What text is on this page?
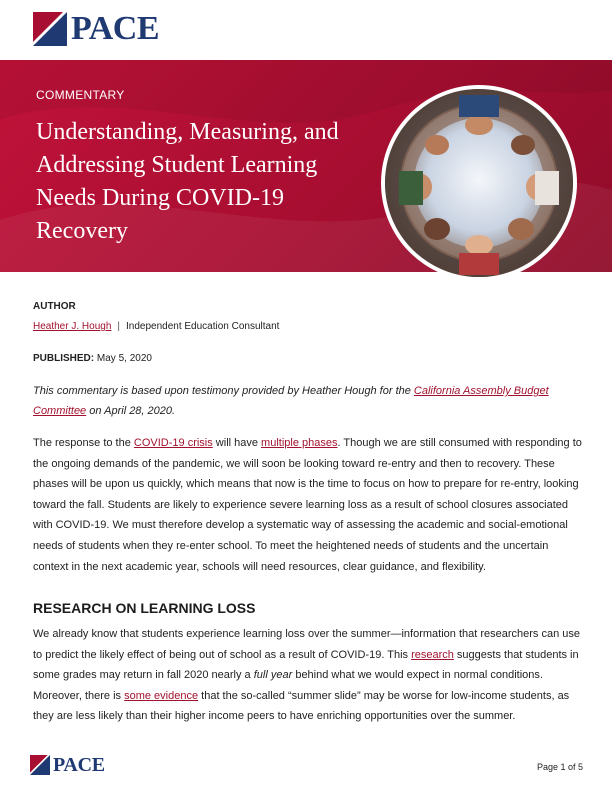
PACE
COMMENTARY
Understanding, Measuring, and Addressing Student Learning Needs During COVID-19 Recovery
AUTHOR
Heather J. Hough | Independent Education Consultant
PUBLISHED: May 5, 2020
This commentary is based upon testimony provided by Heather Hough for the California Assembly Budget Committee on April 28, 2020.
The response to the COVID-19 crisis will have multiple phases. Though we are still consumed with responding to the ongoing demands of the pandemic, we will soon be looking toward re-entry and then to recovery. These phases will be upon us quickly, which means that now is the time to focus on how to prepare for re-entry, looking toward the fall. Students are likely to experience severe learning loss as a result of school closures associated with COVID-19. We must therefore develop a systematic way of assessing the academic and social-emotional needs of students when they re-enter school. To meet the heightened needs of students and the uncertain context in the next academic year, schools will need resources, clear guidance, and flexibility.
RESEARCH ON LEARNING LOSS
We already know that students experience learning loss over the summer—information that researchers can use to predict the likely effect of being out of school as a result of COVID-19. This research suggests that students in some grades may return in fall 2020 nearly a full year behind what we would expect in normal conditions. Moreover, there is some evidence that the so-called “summer slide” may be worse for low-income students, as they are less likely than their higher income peers to have enriching opportunities over the summer.
PACE	Page 1 of 5
